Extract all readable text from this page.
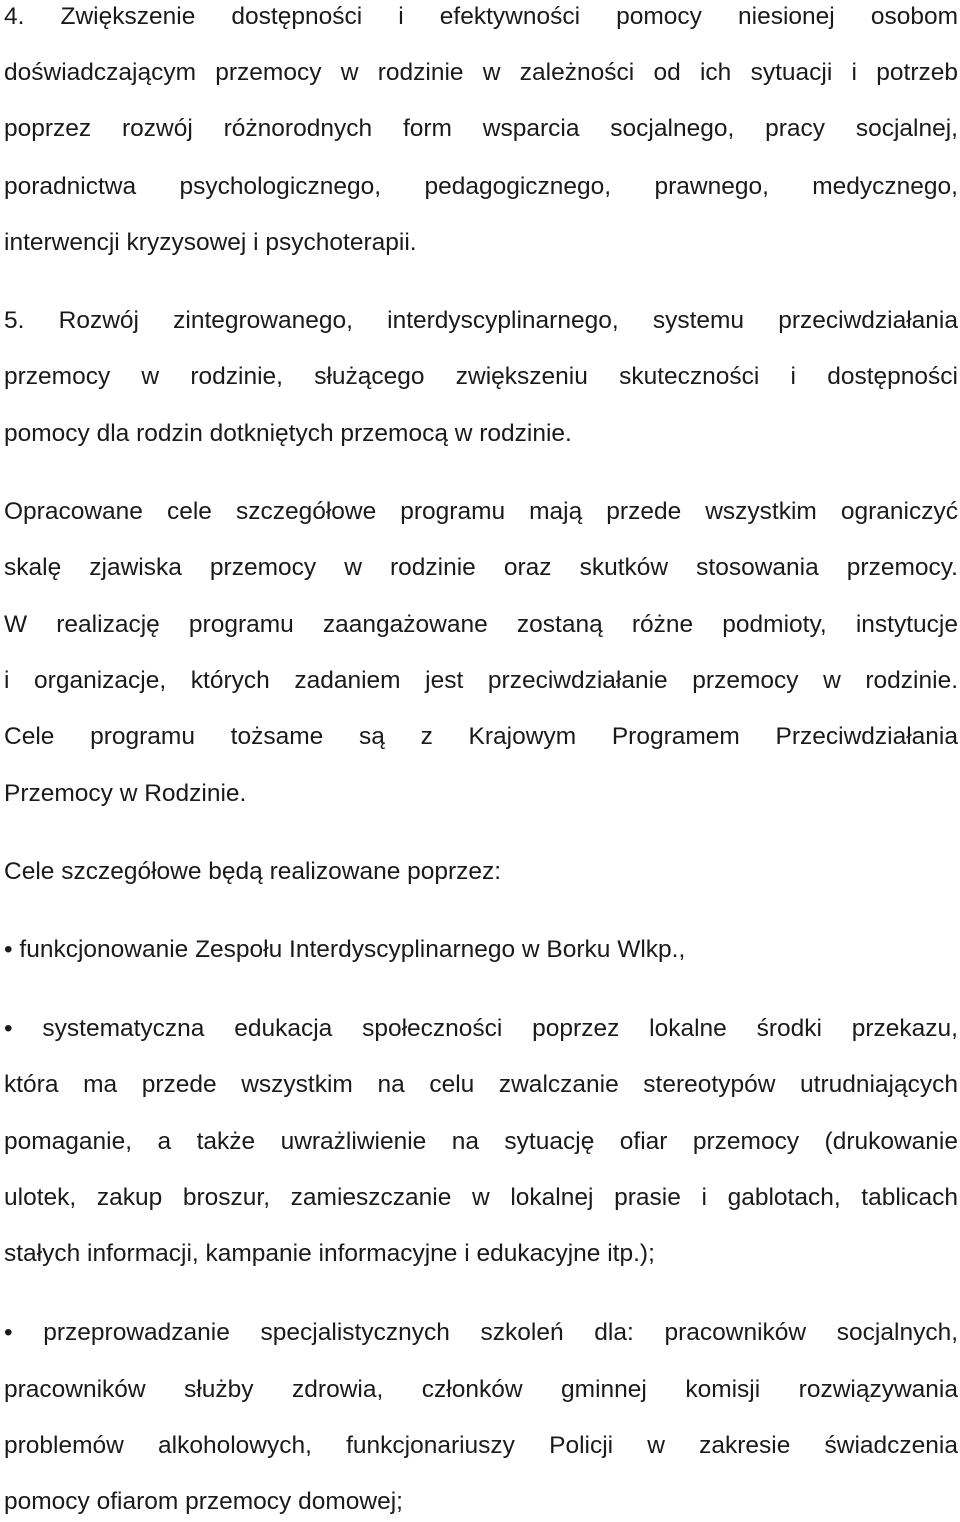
4. Zwiększenie dostępności i efektywności pomocy niesionej osobom

doświadczającym przemocy w rodzinie w zależności od ich sytuacji i potrzeb

poprzez rozwój różnorodnych form wsparcia socjalnego, pracy socjalnej,

poradnictwa psychologicznego, pedagogicznego, prawnego, medycznego,

interwencji kryzysowej i psychoterapii.

5. Rozwój zintegrowanego, interdyscyplinarnego, systemu przeciwdziałania

przemocy w rodzinie, służącego zwiększeniu skuteczności i dostępności

pomocy dla rodzin dotkniętych przemocą w rodzinie.

Opracowane cele szczegółowe programu mają przede wszystkim ograniczyć

skalę zjawiska przemocy w rodzinie oraz skutków stosowania przemocy.

W realizację programu zaangażowane zostaną różne podmioty, instytucje

i organizacje, których zadaniem jest przeciwdziałanie przemocy w rodzinie.

Cele programu tożsame są z Krajowym Programem Przeciwdziałania

Przemocy w Rodzinie.

Cele szczegółowe będą realizowane poprzez:

• funkcjonowanie Zespołu Interdyscyplinarnego w Borku Wlkp.,

• systematyczna edukacja społeczności poprzez lokalne środki przekazu,

która ma przede wszystkim na celu zwalczanie stereotypów utrudniających

pomaganie, a także uwrażliwienie na sytuację ofiar przemocy (drukowanie

ulotek, zakup broszur, zamieszczanie w lokalnej prasie i gablotach, tablicach

stałych informacji, kampanie informacyjne i edukacyjne itp.);

• przeprowadzanie specjalistycznych szkoleń dla: pracowników socjalnych,

pracowników służby zdrowia, członków gminnej komisji rozwiązywania

problemów alkoholowych, funkcjonariuszy Policji w zakresie świadczenia

pomocy ofiarom przemocy domowej;
